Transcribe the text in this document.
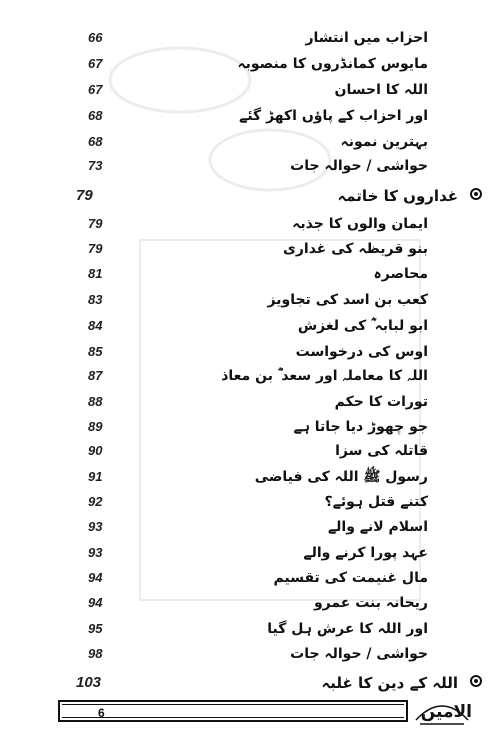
66	احزاب میں انتشار
67	مایوس کمانڈروں کا منصوبہ
67	اللہ کا احسان
68	اور احزاب کے پاؤں اکھڑ گئے
68	بہترین نمونہ
73	حواشی / حوالہ جات
79	غداروں کا خاتمہ
79	ایمان والوں کا جذبہ
79	بنو قریظہ کی غداری
81	محاصرہ
83	کعب بن اسد کی تجاویز
84	ابو لبابہ ؓ کی لغزش
85	اوس کی درخواست
87	اللہ کا معاملہ اور سعد ؓ بن معاذ
88	تورات کا حکم
89	جو چھوڑ دیا جاتا ہے
90	قاتلہ کی سزا
91	رسول ﷺ اللہ کی فیاضی
92	کتنے قتل ہوئے؟
93	اسلام لانے والے
93	عہد پورا کرنے والے
94	مال غنیمت کی تقسیم
94	ریحانہ بنت عمرو
95	اور اللہ کا عرش ہل گیا
98	حواشی / حوالہ جات
103	اللہ کے دین کا غلبہ
6	الامین
